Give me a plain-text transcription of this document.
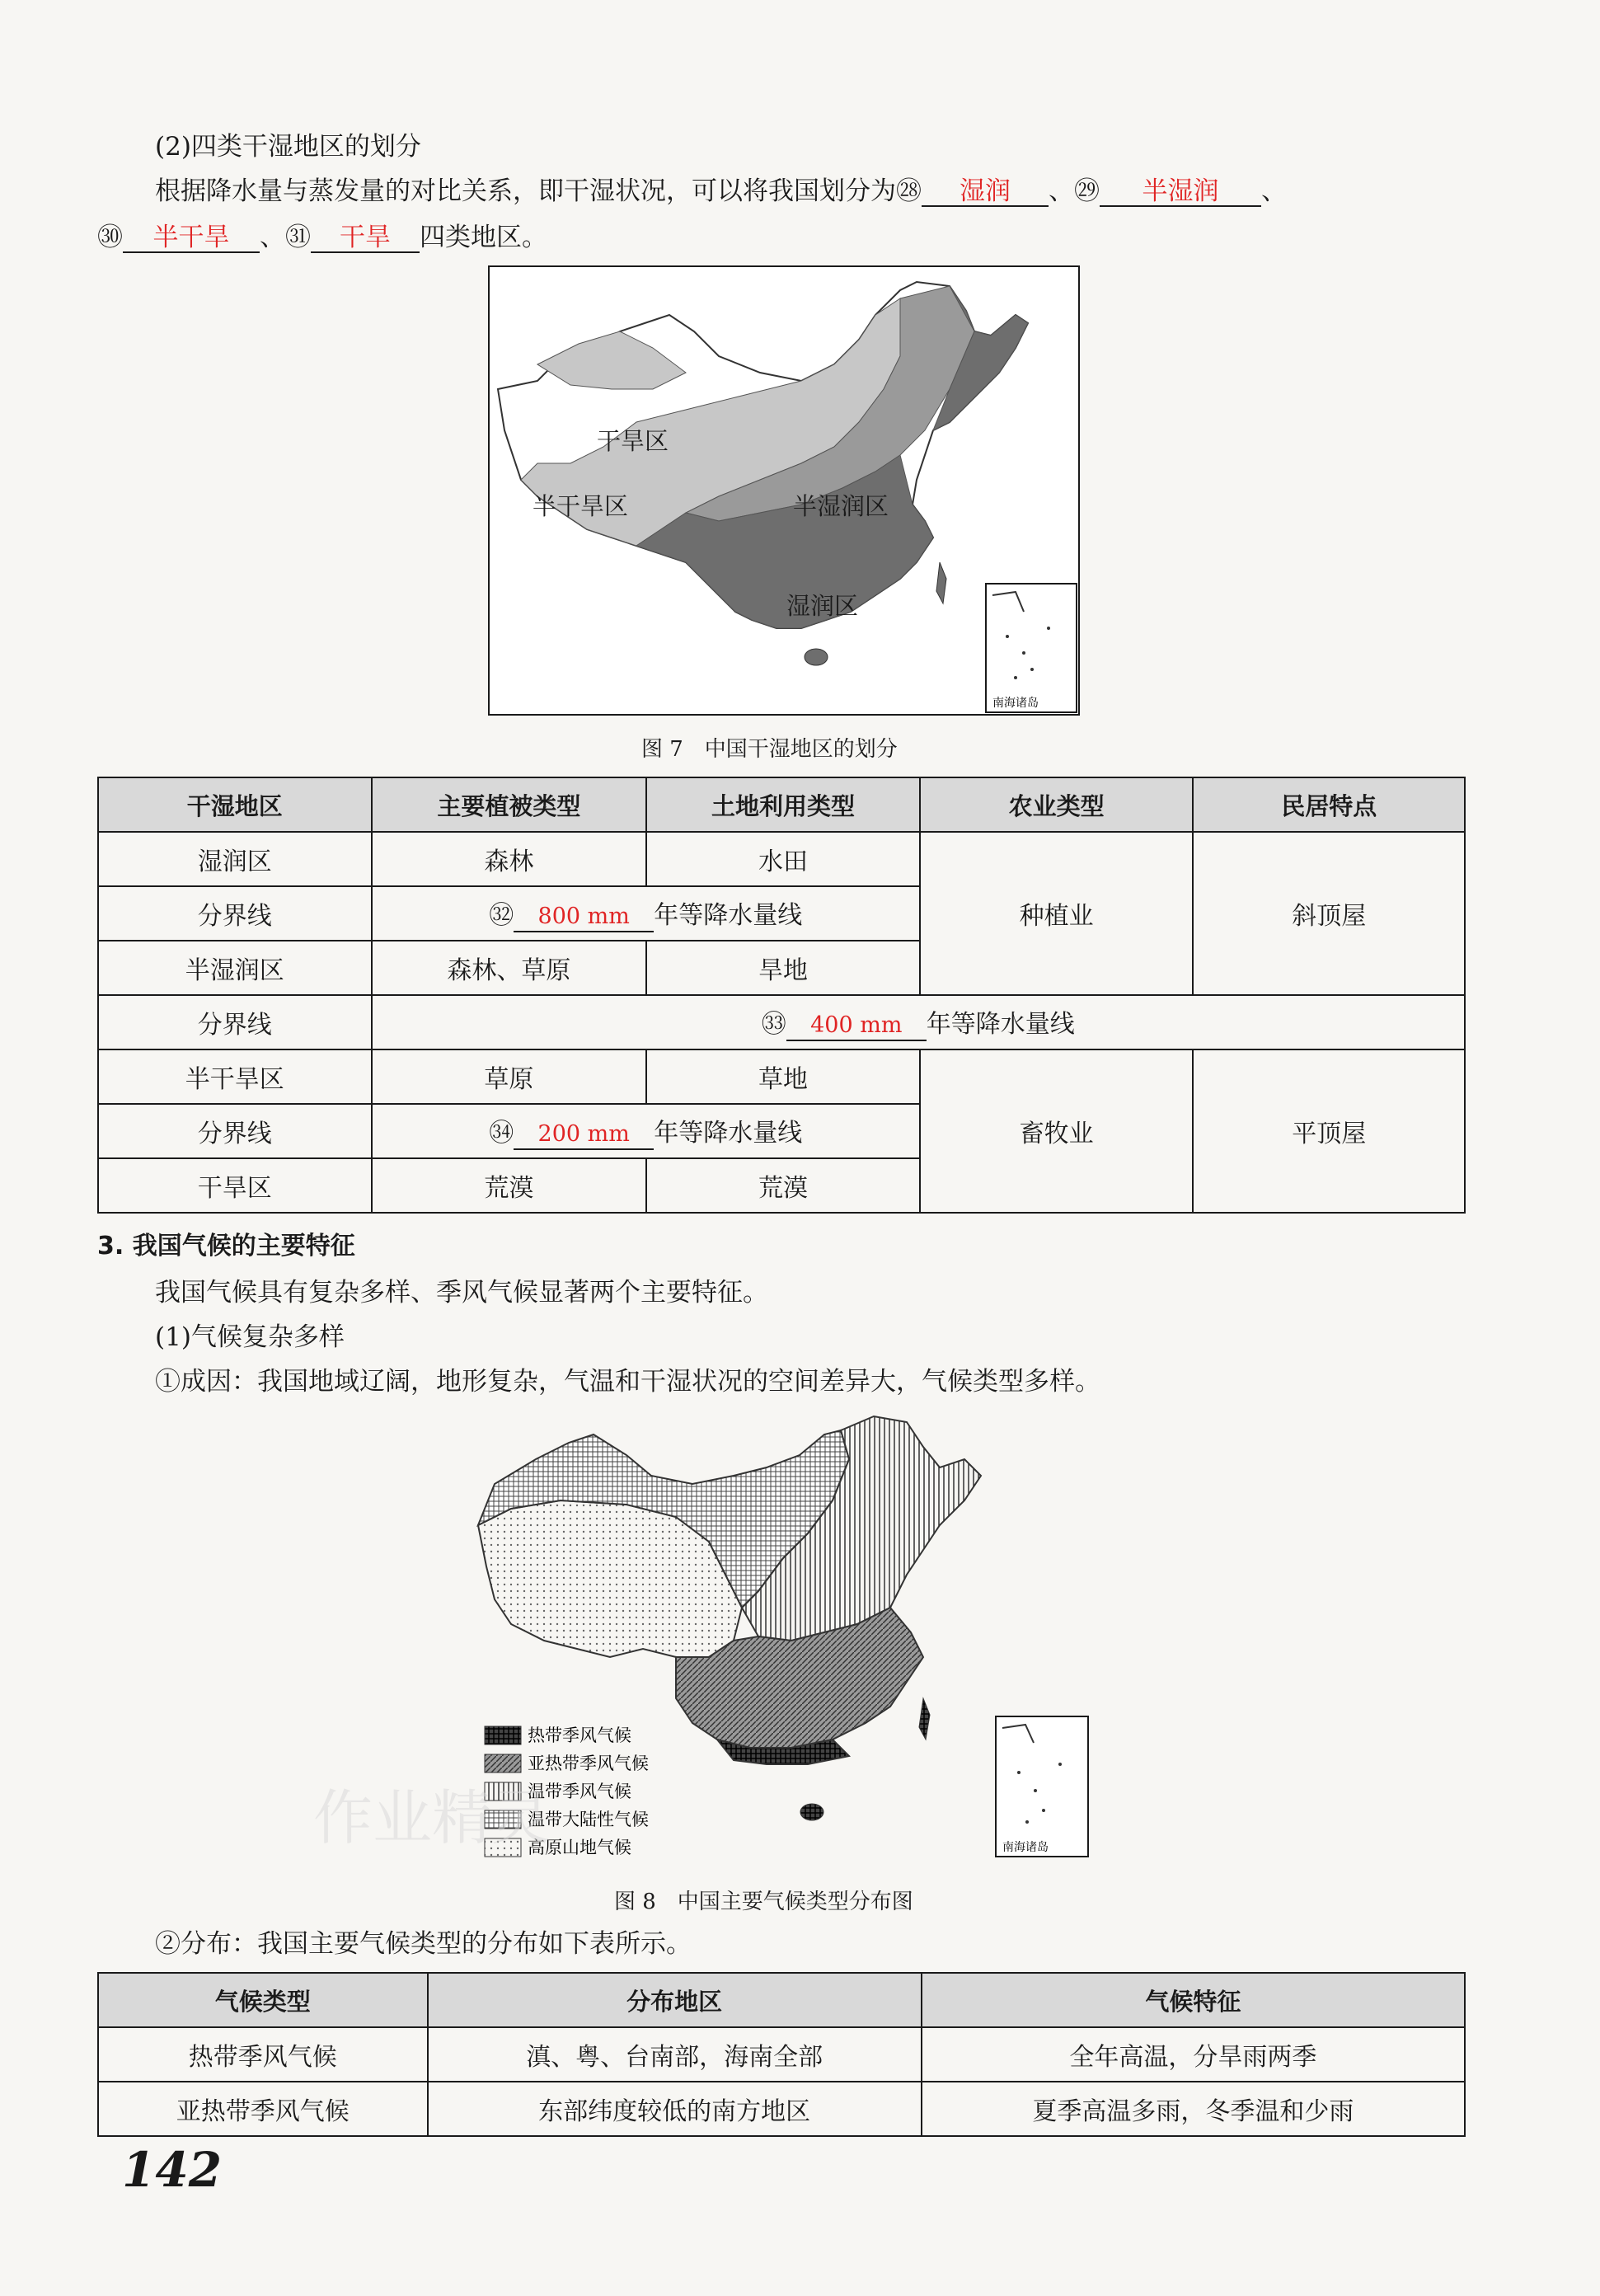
(2)四类干湿地区的划分
根据降水量与蒸发量的对比关系，即干湿状况，可以将我国划分为㉘ 湿润 、㉙ 半湿润 、
㉚ 半干旱 、㉛ 干旱 四类地区。
干旱区
半干旱区	半湿润区
湿润区
南海诸岛
图 7　中国干湿地区的划分
干湿地区	主要植被类型	土地利用类型	农业类型	民居特点
湿润区	森林	水田	种植业	斜顶屋
分界线	㉜ 800 mm 年等降水量线			
半湿润区	森林、草原	旱地		
分界线	㉝ 400 mm 年等降水量线			
半干旱区	草原	草地	畜牧业	平顶屋
分界线	㉞ 200 mm 年等降水量线			
干旱区	荒漠	荒漠		
3. 我国气候的主要特征
我国气候具有复杂多样、季风气候显著两个主要特征。
(1)气候复杂多样
①成因：我国地域辽阔，地形复杂，气温和干湿状况的空间差异大，气候类型多样。
热带季风气候
亚热带季风气候
温带季风气候
温带大陆性气候
高原山地气候	南海诸岛
作业精灵
图 8　中国主要气候类型分布图
②分布：我国主要气候类型的分布如下表所示。
气候类型	分布地区	气候特征
热带季风气候	滇、粤、台南部，海南全部	全年高温，分旱雨两季
亚热带季风气候	东部纬度较低的南方地区	夏季高温多雨，冬季温和少雨
142
